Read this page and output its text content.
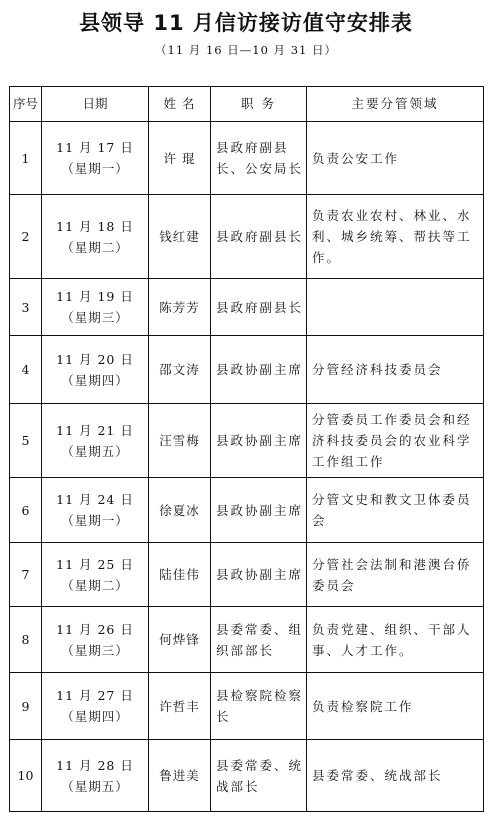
县领导 11 月信访接访值守安排表
（11 月 16 日—10 月 31 日）
序号	日期	姓 名	职 务	主要分管领域
1	11 月 17 日
（星期一）	许 琨	县政府副县长、公安局长	负责公安工作
2	11 月 18 日
（星期二）	钱红建	县政府副县长	负责农业农村、林业、水利、城乡统筹、帮扶等工作。
3	11 月 19 日
（星期三）	陈芳芳	县政府副县长	
4	11 月 20 日
（星期四）	邵文涛	县政协副主席	分管经济科技委员会
5	11 月 21 日
（星期五）	汪雪梅	县政协副主席	分管委员工作委员会和经济科技委员会的农业科学工作组工作
6	11 月 24 日
（星期一）	徐夏冰	县政协副主席	分管文史和教文卫体委员会
7	11 月 25 日
（星期二）	陆佳伟	县政协副主席	分管社会法制和港澳台侨委员会
8	11 月 26 日
（星期三）	何烨锋	县委常委、组织部部长	负责党建、组织、干部人事、人才工作。
9	11 月 27 日
（星期四）	许哲丰	县检察院检察长	负责检察院工作
10	11 月 28 日
（星期五）	鲁进美	县委常委、统战部长	县委常委、统战部长
